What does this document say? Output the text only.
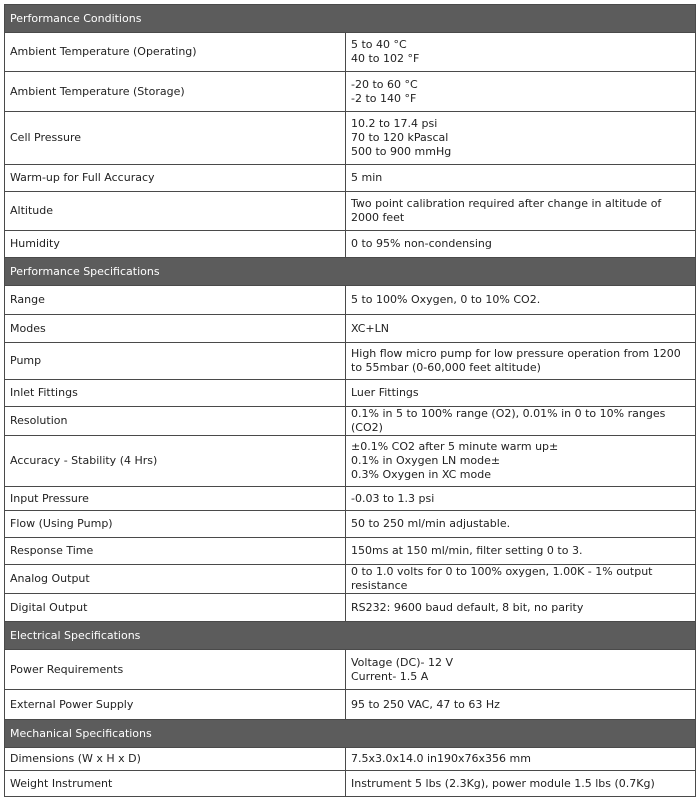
Performance Conditions	
Ambient Temperature (Operating)	5 to 40 °C
40 to 102 °F

Ambient Temperature (Storage)	-20 to 60 °C
-2 to 140 °F

Cell Pressure	10.2 to 17.4 psi
70 to 120 kPascal
500 to 900 mmHg

Warm-up for Full Accuracy	5 min

Altitude	Two point calibration required after change in altitude of 2000 feet

Humidity	0 to 95% non-condensing

Performance Specifications	
Range	5 to 100% Oxygen, 0 to 10% CO2.

Modes	XC+LN

Pump	High flow micro pump for low pressure operation from 1200 to 55mbar (0-60,000 feet altitude)

Inlet Fittings	Luer Fittings

Resolution	0.1% in 5 to 100% range (O2), 0.01% in 0 to 10% ranges (CO2)

Accuracy - Stability (4 Hrs)	±0.1% CO2 after 5 minute warm up±
0.1% in Oxygen LN mode±
0.3% Oxygen in XC mode

Input Pressure	-0.03 to 1.3 psi

Flow (Using Pump)	50 to 250 ml/min adjustable.

Response Time	150ms at 150 ml/min, filter setting 0 to 3.

Analog Output	0 to 1.0 volts for 0 to 100% oxygen, 1.00K - 1% output resistance

Digital Output	RS232: 9600 baud default, 8 bit, no parity

Electrical Specifications	
Power Requirements	Voltage (DC)- 12 V
Current- 1.5 A

External Power Supply	95 to 250 VAC, 47 to 63 Hz

Mechanical Specifications	
Dimensions (W x H x D)	7.5x3.0x14.0 in190x76x356 mm

Weight Instrument	Instrument 5 lbs (2.3Kg), power module 1.5 lbs (0.7Kg)
